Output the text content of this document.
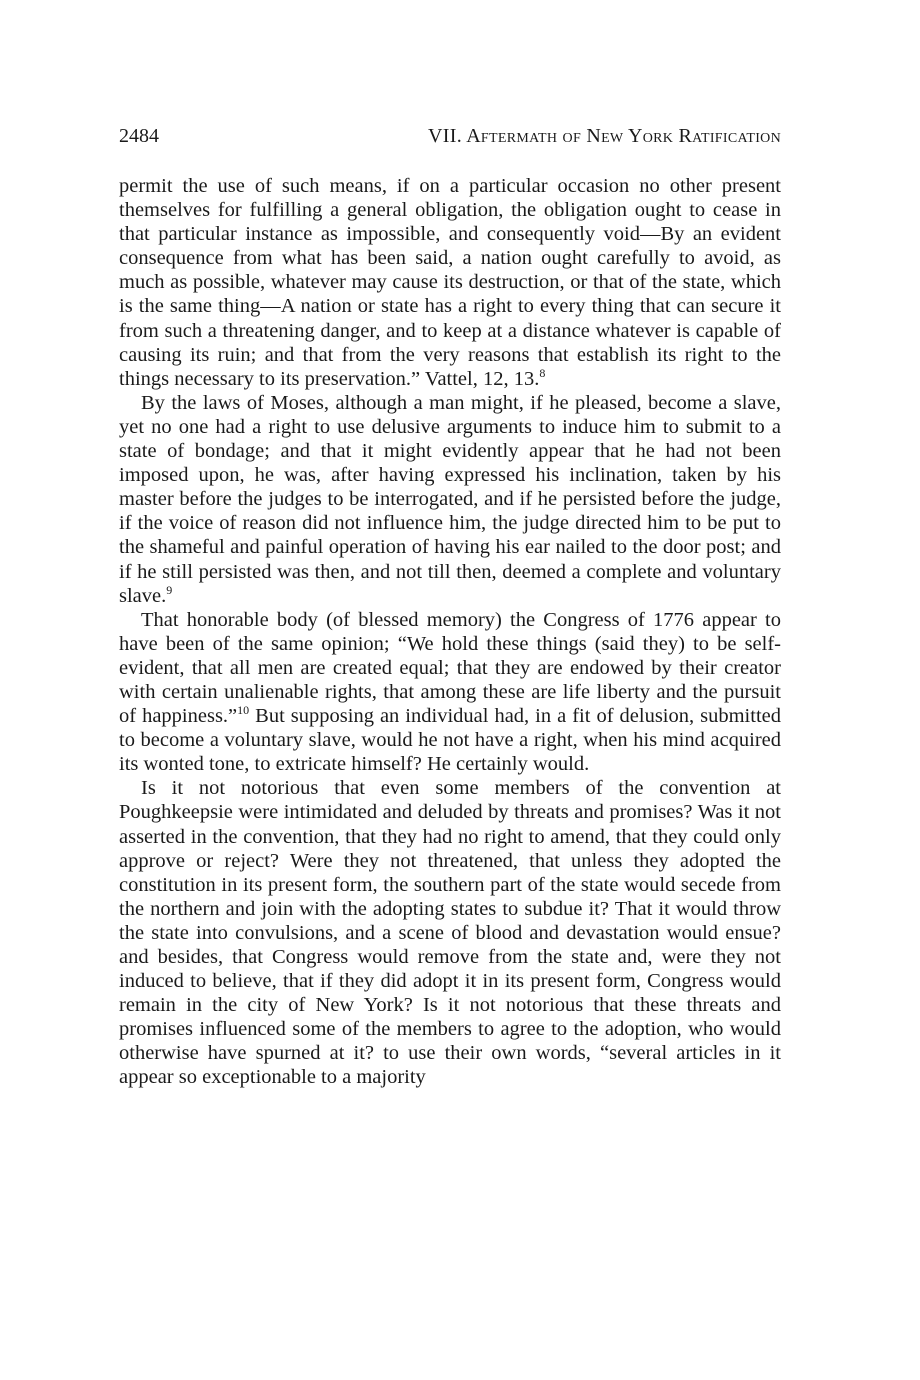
2484	VII. Aftermath of New York Ratification

permit the use of such means, if on a particular occasion no other present themselves for fulfilling a general obligation, the obligation ought to cease in that particular instance as impossible, and consequently void—By an evident consequence from what has been said, a nation ought carefully to avoid, as much as possible, whatever may cause its destruction, or that of the state, which is the same thing—A nation or state has a right to every thing that can secure it from such a threatening danger, and to keep at a distance whatever is capable of causing its ruin; and that from the very reasons that establish its right to the things necessary to its preservation.” Vattel, 12, 13.$^8$

By the laws of Moses, although a man might, if he pleased, become a slave, yet no one had a right to use delusive arguments to induce him to submit to a state of bondage; and that it might evidently appear that he had not been imposed upon, he was, after having expressed his inclination, taken by his master before the judges to be interrogated, and if he persisted before the judge, if the voice of reason did not influence him, the judge directed him to be put to the shameful and painful operation of having his ear nailed to the door post; and if he still persisted was then, and not till then, deemed a complete and voluntary slave.$^9$

That honorable body (of blessed memory) the Congress of 1776 appear to have been of the same opinion; “We hold these things (said they) to be self-evident, that all men are created equal; that they are endowed by their creator with certain unalienable rights, that among these are life liberty and the pursuit of happiness.”$^{10}$ But supposing an individual had, in a fit of delusion, submitted to become a voluntary slave, would he not have a right, when his mind acquired its wonted tone, to extricate himself? He certainly would.

Is it not notorious that even some members of the convention at Poughkeepsie were intimidated and deluded by threats and promises? Was it not asserted in the convention, that they had no right to amend, that they could only approve or reject? Were they not threatened, that unless they adopted the constitution in its present form, the southern part of the state would secede from the northern and join with the adopting states to subdue it? That it would throw the state into convulsions, and a scene of blood and devastation would ensue? and besides, that Congress would remove from the state and, were they not induced to believe, that if they did adopt it in its present form, Congress would remain in the city of New York? Is it not notorious that these threats and promises influenced some of the members to agree to the adoption, who would otherwise have spurned at it? to use their own words, “several articles in it appear so exceptionable to a majority
